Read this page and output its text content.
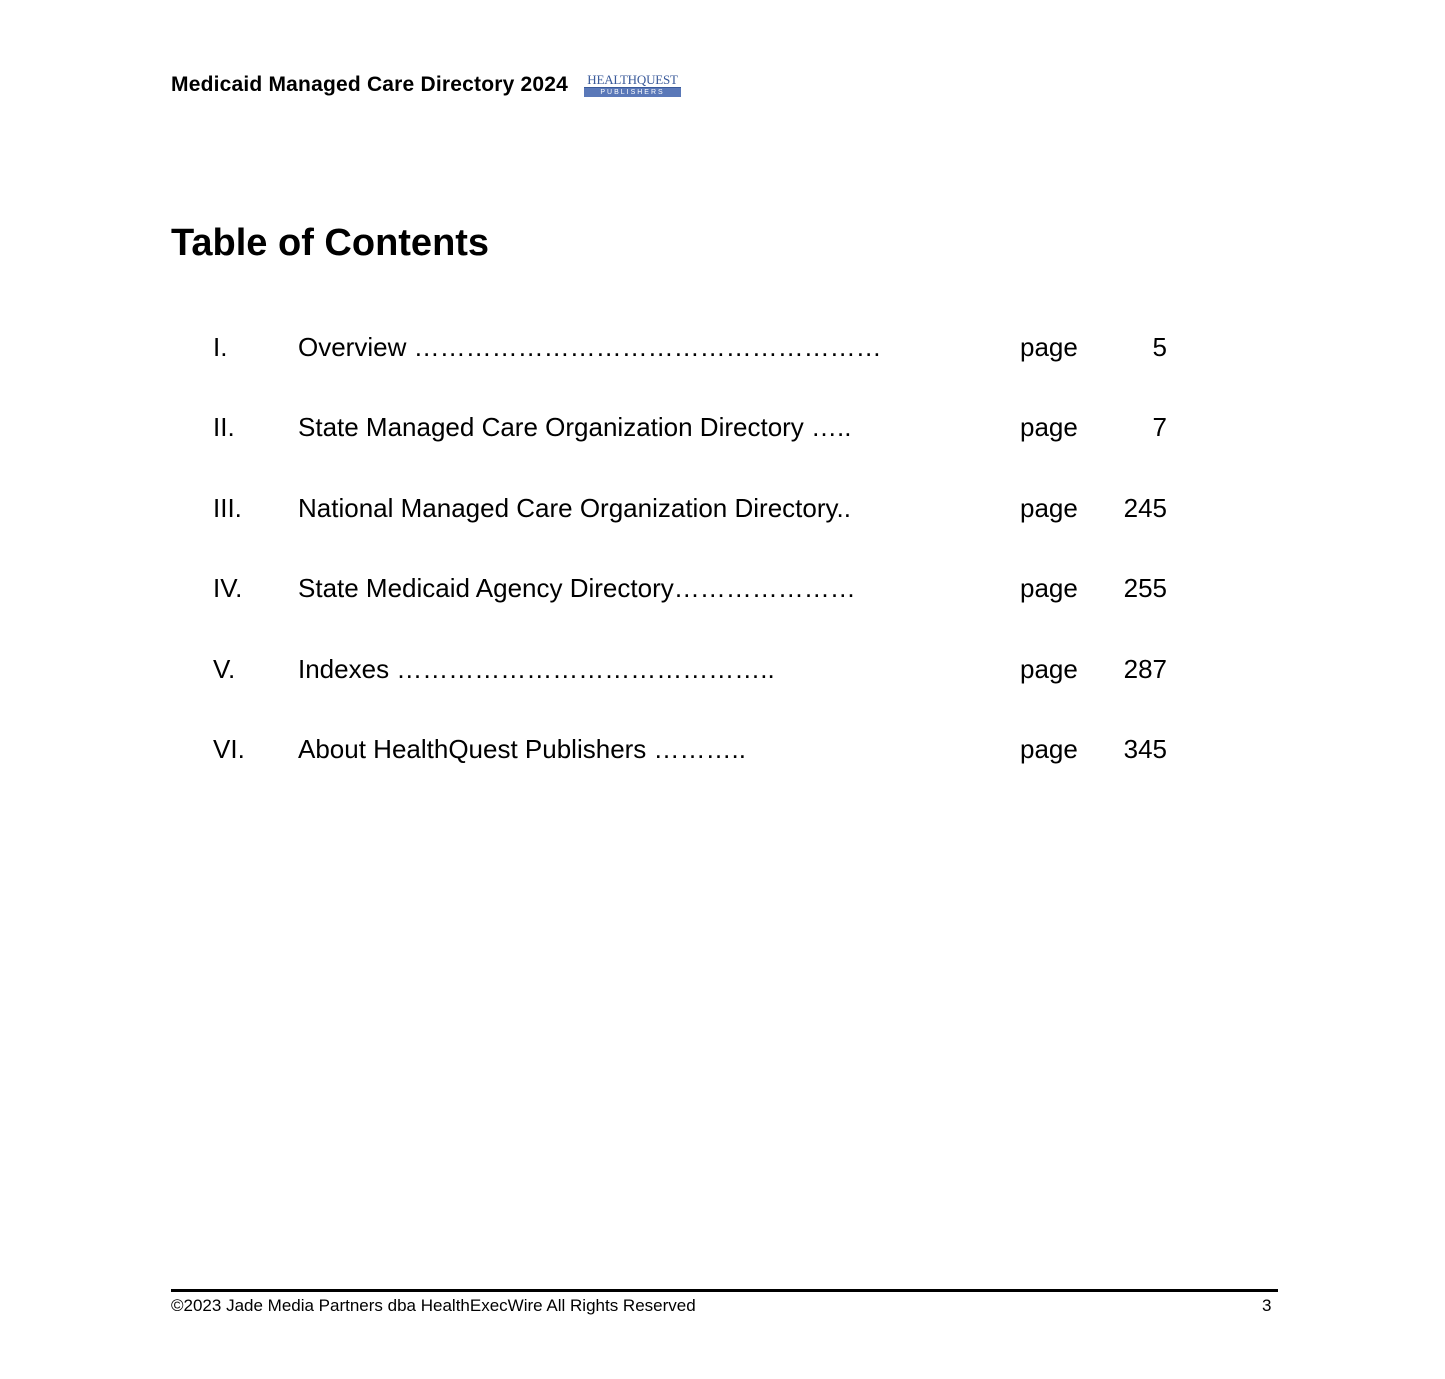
Medicaid Managed Care Directory 2024 HEALTHQUEST
PUBLISHERS
Table of Contents
I.	Overview ………………………………………………	page	5
II. State Managed Care Organization Directory …..	page	7
III. National Managed Care Organization Directory..	page 245
IV. State Medicaid Agency Directory…………………	page 255
V. Indexes ……………………………………..	page 287
VI. About HealthQuest Publishers ………..	page 345
©2023 Jade Media Partners dba HealthExecWire All Rights Reserved	3
